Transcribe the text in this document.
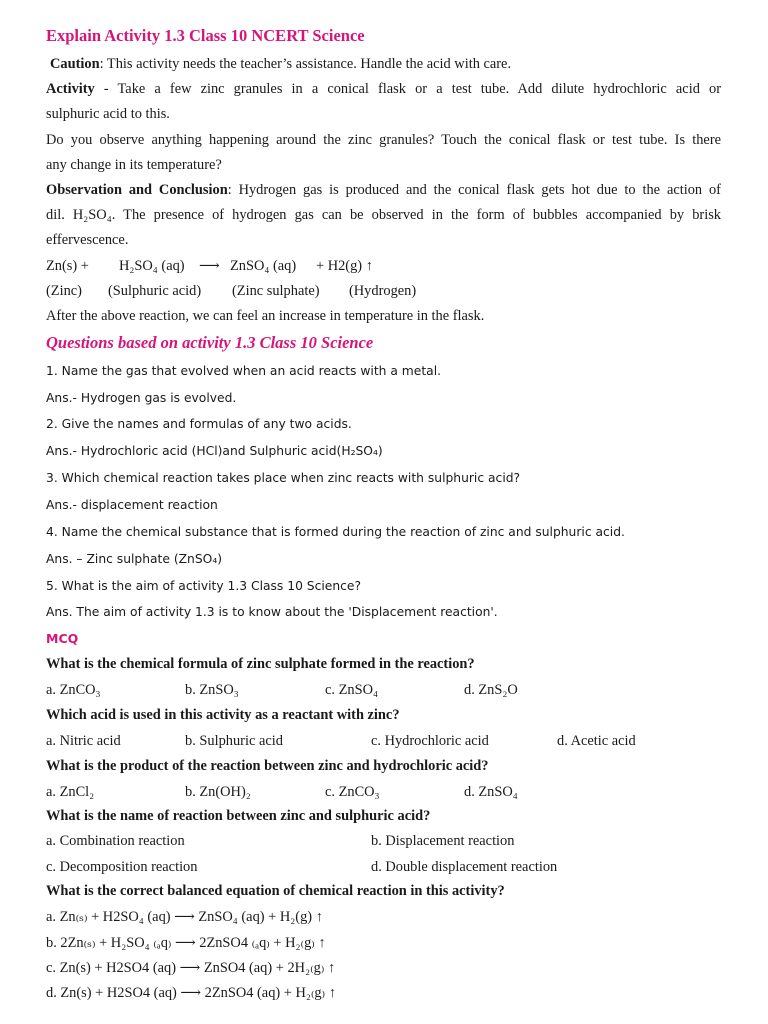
Explain Activity 1.3 Class 10 NCERT Science
Caution: This activity needs the teacher’s assistance. Handle the acid with care.
Activity - Take a few zinc granules in a conical flask or a test tube. Add dilute hydrochloric acid or
sulphuric acid to this.
Do you observe anything happening around the zinc granules? Touch the conical flask or test tube. Is there
any change in its temperature?
Observation and Conclusion: Hydrogen gas is produced and the conical flask gets hot due to the action of
dil. H₂SO₄. The presence of hydrogen gas can be observed in the form of bubbles accompanied by brisk
effervescence.
Zn(s) + H₂SO₄ (aq) ⟶ ZnSO₄ (aq) + H2(g) ↑
(Zinc) (Sulphuric acid) (Zinc sulphate) (Hydrogen)
After the above reaction, we can feel an increase in temperature in the flask.
Questions based on activity 1.3 Class 10 Science
1. Name the gas that evolved when an acid reacts with a metal.
Ans.- Hydrogen gas is evolved.
2. Give the names and formulas of any two acids.
Ans.- Hydrochloric acid (HCl)and Sulphuric acid(H₂SO₄)
3. Which chemical reaction takes place when zinc reacts with sulphuric acid?
Ans.- displacement reaction
4. Name the chemical substance that is formed during the reaction of zinc and sulphuric acid.
Ans. – Zinc sulphate (ZnSO₄)
5. What is the aim of activity 1.3 Class 10 Science?
Ans. The aim of activity 1.3 is to know about the 'Displacement reaction'.
MCQ
What is the chemical formula of zinc sulphate formed in the reaction?
a. ZnCO₃	b. ZnSO₃	c. ZnSO₄	d. ZnS₂O
Which acid is used in this activity as a reactant with zinc?
a. Nitric acid	b. Sulphuric acid	c. Hydrochloric acid	d. Acetic acid
What is the product of the reaction between zinc and hydrochloric acid?
a. ZnCl₂	b. Zn(OH)₂	c. ZnCO₃	d. ZnSO₄
What is the name of reaction between zinc and sulphuric acid?
a. Combination reaction	b. Displacement reaction
c. Decomposition reaction	d. Double displacement reaction
What is the correct balanced equation of chemical reaction in this activity?
a. Zn₍ₛ₎ + H2SO₄ (aq) ⟶ ZnSO₄ (aq) + H₂(g) ↑
b. 2Zn₍ₛ₎ + H₂SO₄ ₍ₐq₎ ⟶ 2ZnSO4 ₍ₐq₎ + H₂₍g₎ ↑
c. Zn(s) + H2SO4 (aq) ⟶ ZnSO4 (aq) + 2H₂₍g₎ ↑
d. Zn(s) + H2SO4 (aq) ⟶ 2ZnSO4 (aq) + H₂₍g₎ ↑
